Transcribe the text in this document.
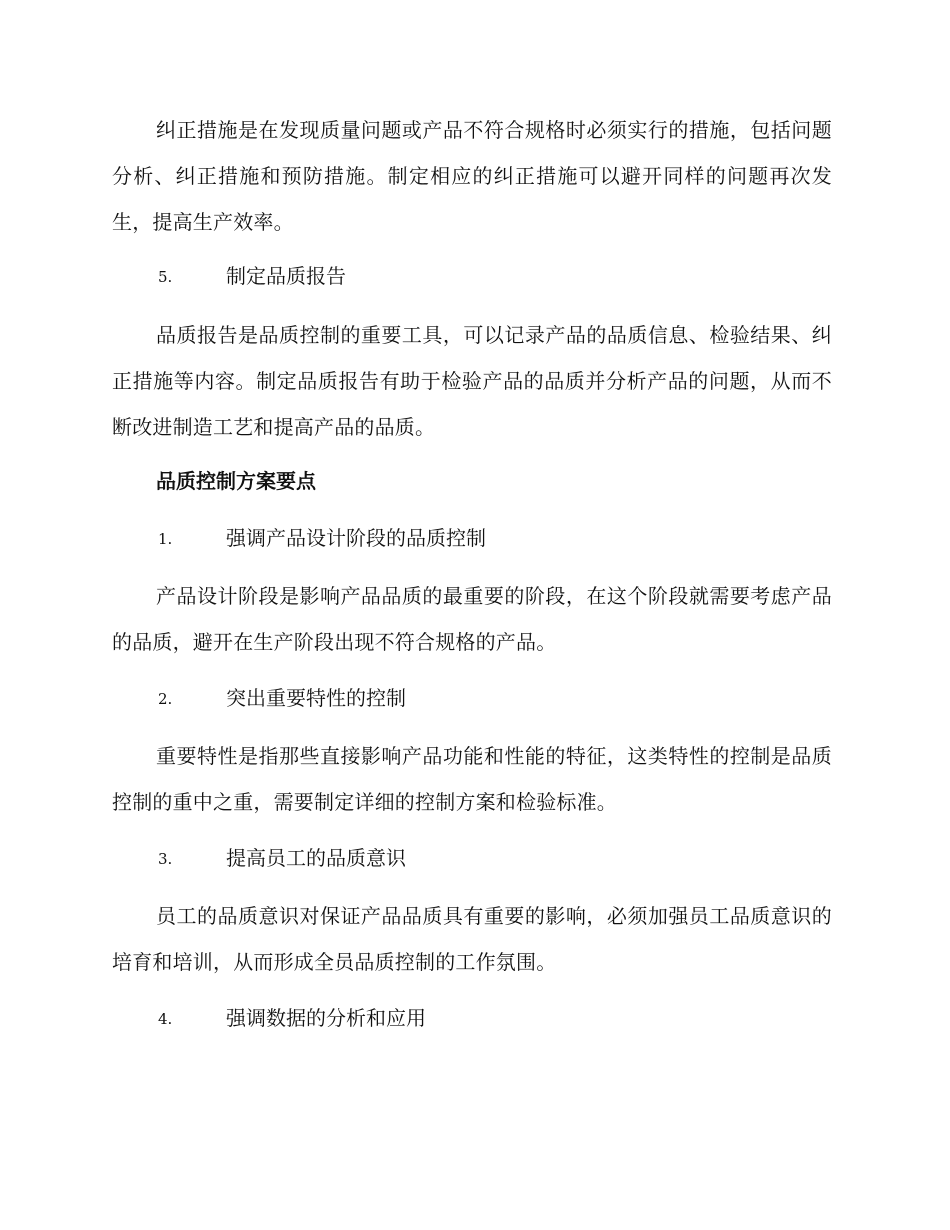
纠正措施是在发现质量问题或产品不符合规格时必须实行的措施，包括问题分析、纠正措施和预防措施。制定相应的纠正措施可以避开同样的问题再次发生，提高生产效率。

5.	制定品质报告

品质报告是品质控制的重要工具，可以记录产品的品质信息、检验结果、纠正措施等内容。制定品质报告有助于检验产品的品质并分析产品的问题，从而不断改进制造工艺和提高产品的品质。

品质控制方案要点
1.	强调产品设计阶段的品质控制

产品设计阶段是影响产品品质的最重要的阶段，在这个阶段就需要考虑产品的品质，避开在生产阶段出现不符合规格的产品。

2.	突出重要特性的控制

重要特性是指那些直接影响产品功能和性能的特征，这类特性的控制是品质控制的重中之重，需要制定详细的控制方案和检验标准。

3.	提高员工的品质意识

员工的品质意识对保证产品品质具有重要的影响，必须加强员工品质意识的培育和培训，从而形成全员品质控制的工作氛围。

4.	强调数据的分析和应用
